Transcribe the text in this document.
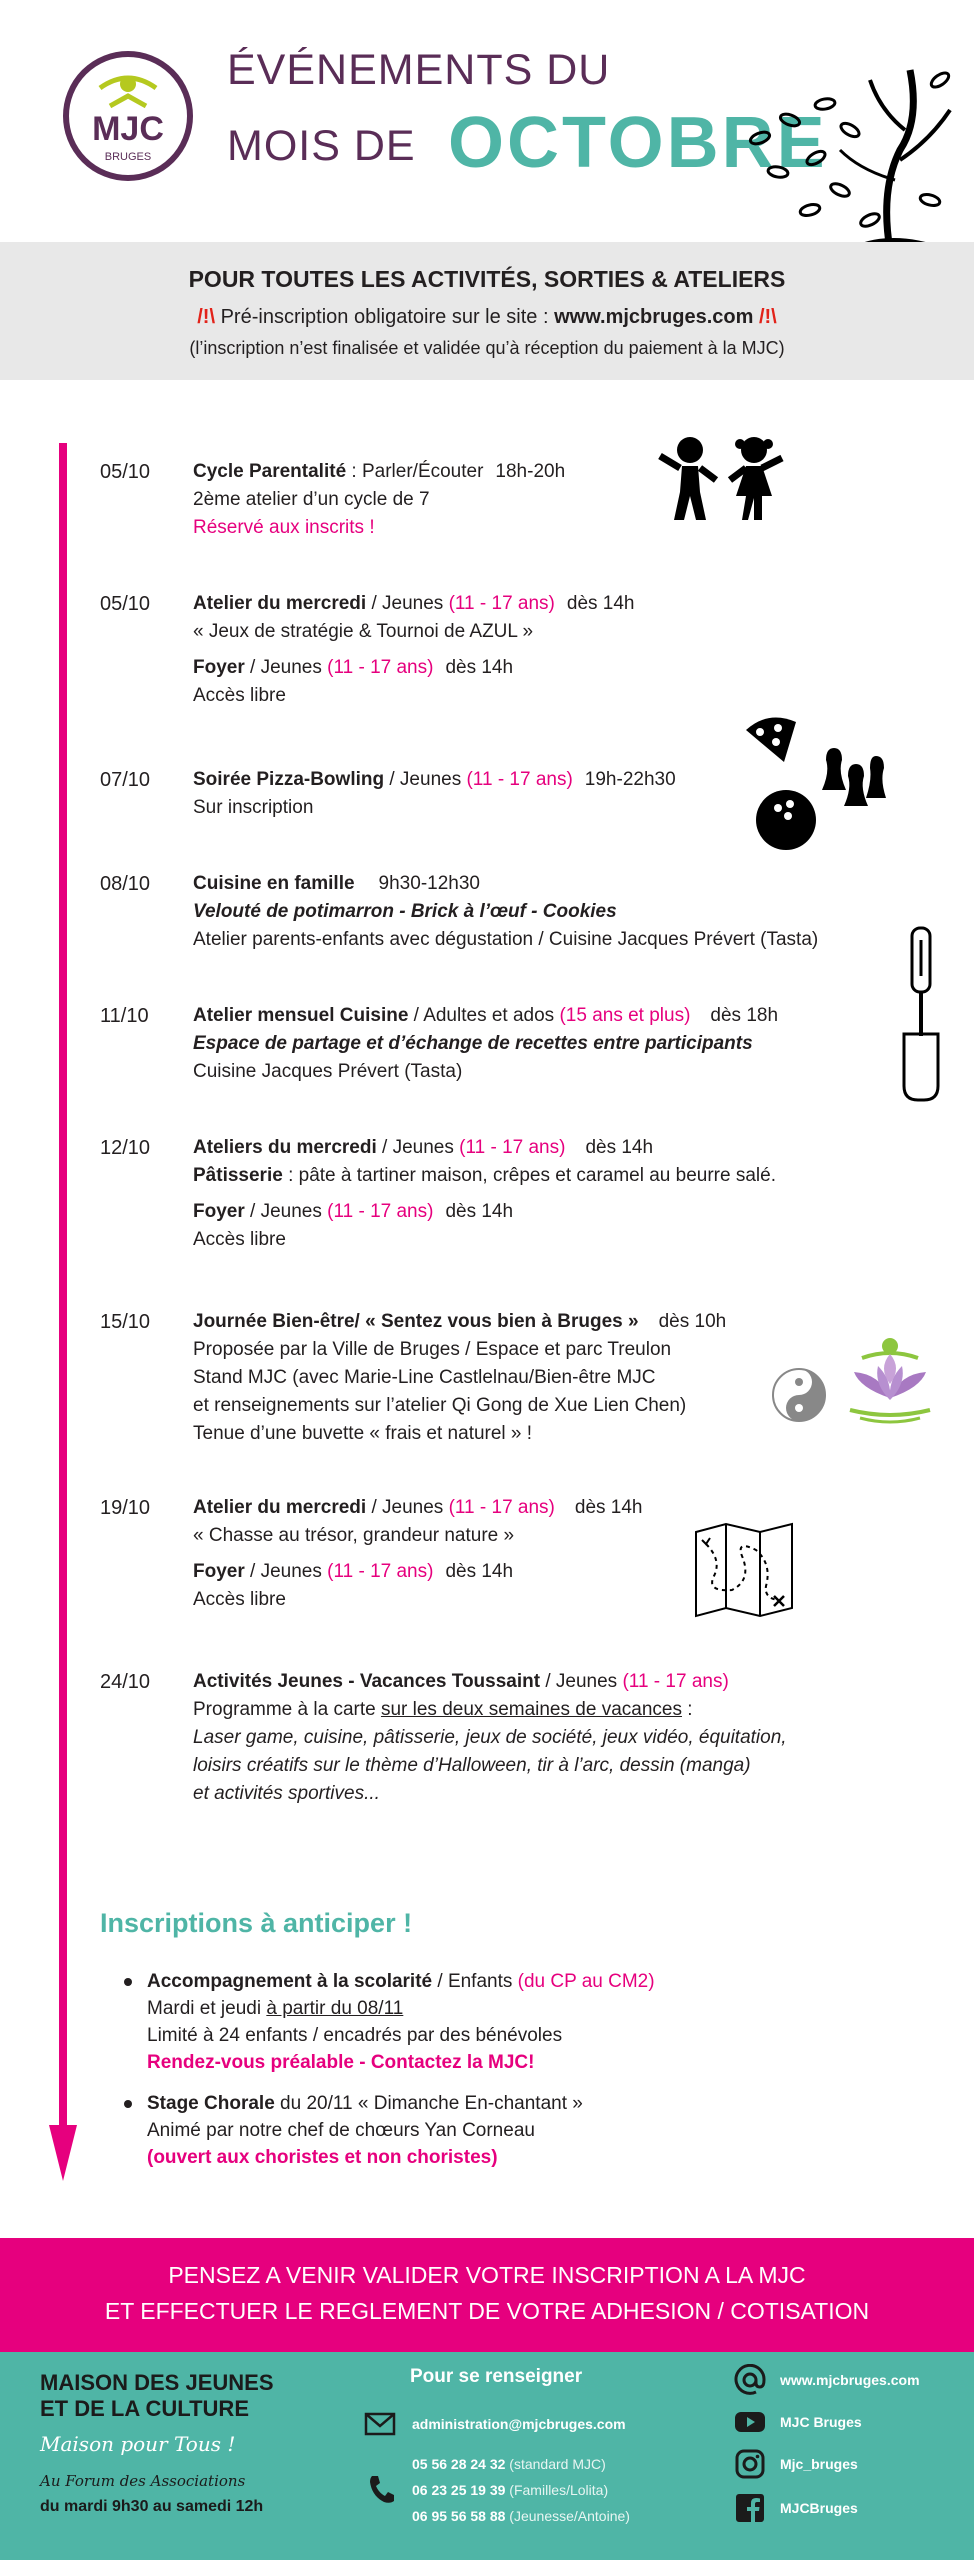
MJC
BRUGES
ÉVÉNEMENTS DU
MOIS DE OCTOBRE
POUR TOUTES LES ACTIVITÉS, SORTIES & ATELIERS
/!\ Pré-inscription obligatoire sur le site : www.mjcbruges.com /!\
(l’inscription n’est finalisée et validée qu’à réception du paiement à la MJC)
05/10	Cycle Parentalité : Parler/Écouter 18h-20h
2ème atelier d’un cycle de 7
Réservé aux inscrits !
05/10	Atelier du mercredi / Jeunes (11 - 17 ans) dès 14h
« Jeux de stratégie & Tournoi de AZUL »
Foyer / Jeunes (11 - 17 ans) dès 14h
Accès libre
07/10	Soirée Pizza-Bowling / Jeunes (11 - 17 ans) 19h-22h30
Sur inscription
08/10	Cuisine en famille 9h30-12h30
Velouté de potimarron - Brick à l’œuf - Cookies
Atelier parents-enfants avec dégustation / Cuisine Jacques Prévert (Tasta)
11/10	Atelier mensuel Cuisine / Adultes et ados (15 ans et plus) dès 18h
Espace de partage et d’échange de recettes entre participants
Cuisine Jacques Prévert (Tasta)
12/10	Ateliers du mercredi / Jeunes (11 - 17 ans) dès 14h
Pâtisserie : pâte à tartiner maison, crêpes et caramel au beurre salé.
Foyer / Jeunes (11 - 17 ans) dès 14h
Accès libre
15/10	Journée Bien-être/ « Sentez vous bien à Bruges » dès 10h
Proposée par la Ville de Bruges / Espace et parc Treulon
Stand MJC (avec Marie-Line Castlelnau/Bien-être MJC
et renseignements sur l’atelier Qi Gong de Xue Lien Chen)
Tenue d’une buvette « frais et naturel » !
19/10	Atelier du mercredi / Jeunes (11 - 17 ans) dès 14h
« Chasse au trésor, grandeur nature »
Foyer / Jeunes (11 - 17 ans) dès 14h
Accès libre
24/10	Activités Jeunes - Vacances Toussaint / Jeunes (11 - 17 ans)
Programme à la carte sur les deux semaines de vacances :
Laser game, cuisine, pâtisserie, jeux de société, jeux vidéo, équitation,
loisirs créatifs sur le thème d’Halloween, tir à l’arc, dessin (manga)
et activités sportives...
Inscriptions à anticiper !
Accompagnement à la scolarité / Enfants (du CP au CM2)
Mardi et jeudi à partir du 08/11
Limité à 24 enfants / encadrés par des bénévoles
Rendez-vous préalable - Contactez la MJC!
Stage Chorale du 20/11 « Dimanche En-chantant »
Animé par notre chef de chœurs Yan Corneau
(ouvert aux choristes et non choristes)
PENSEZ A VENIR VALIDER VOTRE INSCRIPTION A LA MJC
ET EFFECTUER LE REGLEMENT DE VOTRE ADHESION / COTISATION
MAISON DES JEUNES
ET DE LA CULTURE
Maison pour Tous !
Au Forum des Associations
du mardi 9h30 au samedi 12h
Pour se renseigner
administration@mjcbruges.com
05 56 28 24 32 (standard MJC)
06 23 25 19 39 (Familles/Lolita)
06 95 56 58 88 (Jeunesse/Antoine)
www.mjcbruges.com
MJC Bruges
Mjc_bruges
MJCBruges
